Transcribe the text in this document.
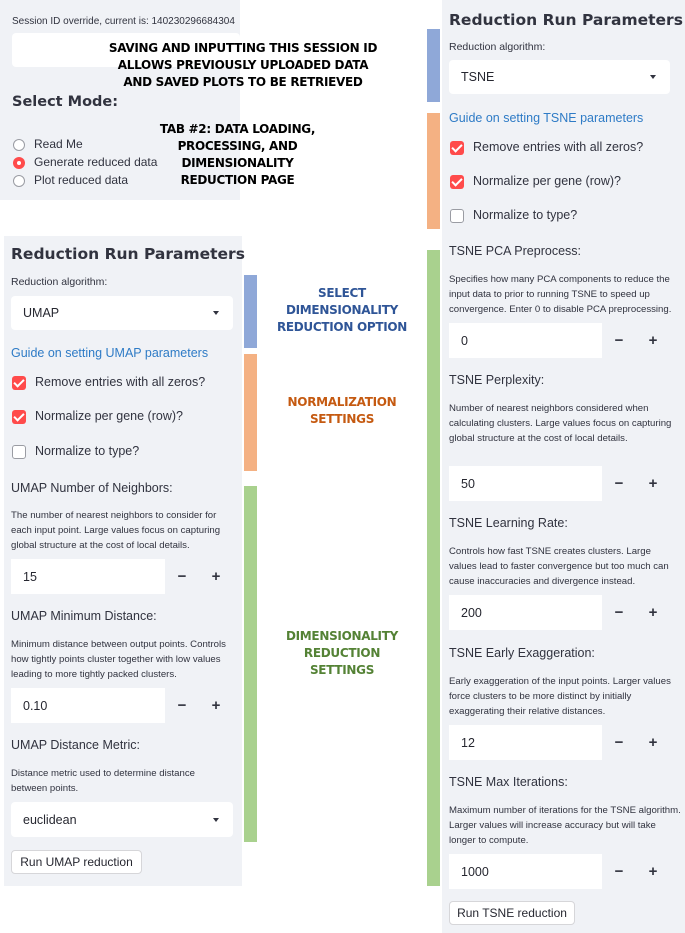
Session ID override, current is: 140230296684304
SAVING AND INPUTTING THIS SESSION ID
ALLOWS PREVIOUSLY UPLOADED DATA
AND SAVED PLOTS TO BE RETRIEVED
Select Mode:
Read Me
Generate reduced data
Plot reduced data
TAB #2: DATA LOADING,
PROCESSING, AND
DIMENSIONALITY
REDUCTION PAGE
Reduction Run Parameters
Reduction algorithm:
UMAP
Guide on setting UMAP parameters
Remove entries with all zeros?
Normalize per gene (row)?
Normalize to type?
UMAP Number of Neighbors:
The number of nearest neighbors to consider for each input point. Large values focus on capturing global structure at the cost of local details.
15	−	+
UMAP Minimum Distance:
Minimum distance between output points. Controls how tightly points cluster together with low values leading to more tightly packed clusters.
0.10	−	+
UMAP Distance Metric:
Distance metric used to determine distance between points.
euclidean
Run UMAP reduction
SELECT
DIMENSIONALITY
REDUCTION OPTION
NORMALIZATION
SETTINGS
DIMENSIONALITY
REDUCTION
SETTINGS
Reduction Run Parameters
Reduction algorithm:
TSNE
Guide on setting TSNE parameters
Remove entries with all zeros?
Normalize per gene (row)?
Normalize to type?
TSNE PCA Preprocess:
Specifies how many PCA components to reduce the input data to prior to running TSNE to speed up convergence. Enter 0 to disable PCA preprocessing.
0	−	+
TSNE Perplexity:
Number of nearest neighbors considered when calculating clusters. Large values focus on capturing global structure at the cost of local details.
50	−	+
TSNE Learning Rate:
Controls how fast TSNE creates clusters. Large values lead to faster convergence but too much can cause inaccuracies and divergence instead.
200	−	+
TSNE Early Exaggeration:
Early exaggeration of the input points. Larger values force clusters to be more distinct by initially exaggerating their relative distances.
12	−	+
TSNE Max Iterations:
Maximum number of iterations for the TSNE algorithm. Larger values will increase accuracy but will take longer to compute.
1000	−	+
Run TSNE reduction
